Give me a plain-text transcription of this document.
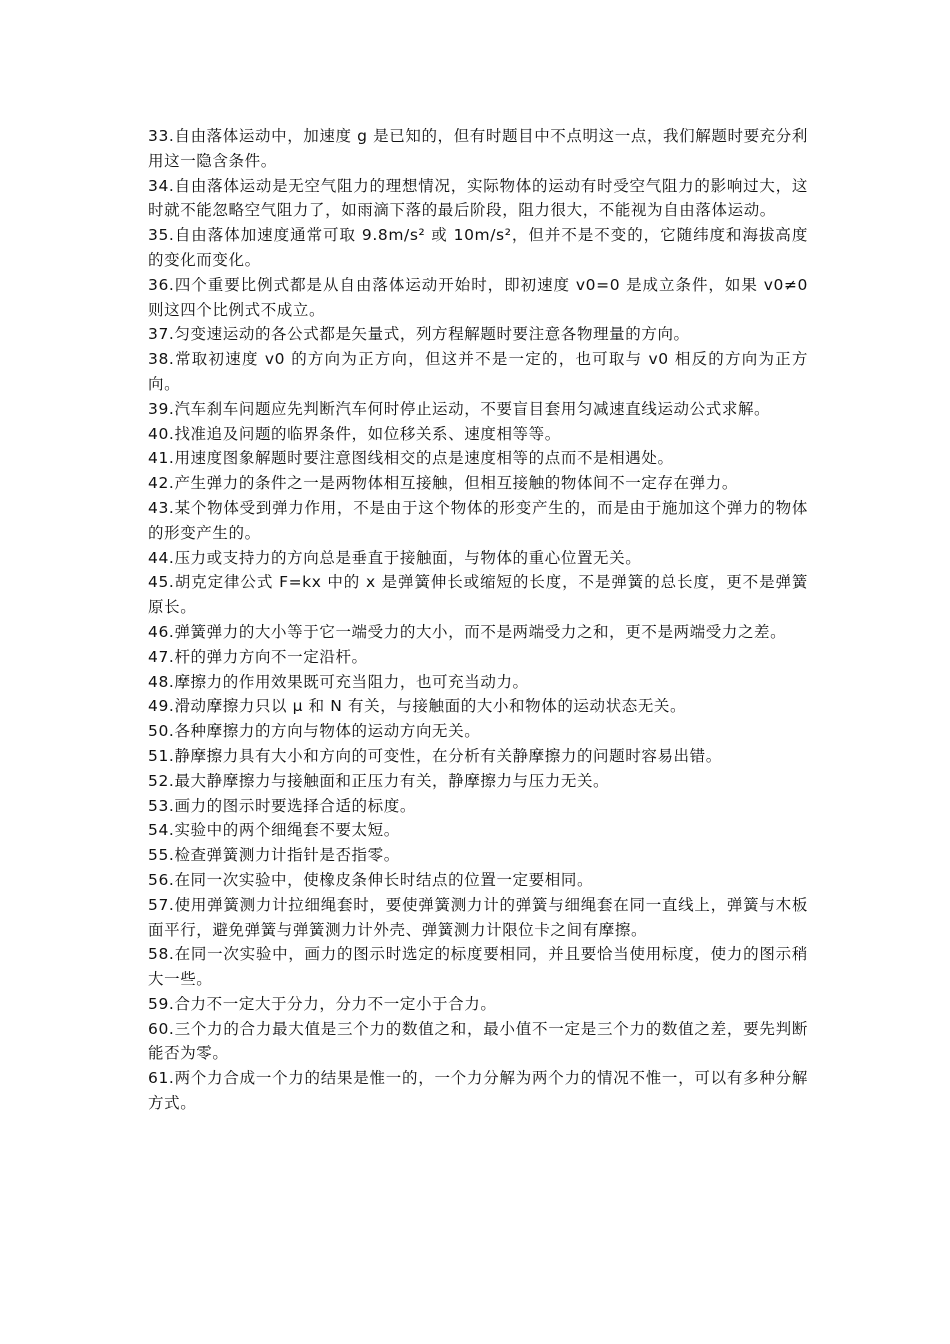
33.自由落体运动中，加速度 g 是已知的，但有时题目中不点明这一点，我们解题时要充分利用这一隐含条件。

34.自由落体运动是无空气阻力的理想情况，实际物体的运动有时受空气阻力的影响过大，这时就不能忽略空气阻力了，如雨滴下落的最后阶段，阻力很大，不能视为自由落体运动。

35.自由落体加速度通常可取 9.8m/s² 或 10m/s²，但并不是不变的，它随纬度和海拔高度的变化而变化。

36.四个重要比例式都是从自由落体运动开始时，即初速度 v0=0 是成立条件，如果 v0≠0 则这四个比例式不成立。

37.匀变速运动的各公式都是矢量式，列方程解题时要注意各物理量的方向。

38.常取初速度 v0 的方向为正方向，但这并不是一定的，也可取与 v0 相反的方向为正方向。

39.汽车刹车问题应先判断汽车何时停止运动，不要盲目套用匀减速直线运动公式求解。

40.找准追及问题的临界条件，如位移关系、速度相等等。

41.用速度图象解题时要注意图线相交的点是速度相等的点而不是相遇处。

42.产生弹力的条件之一是两物体相互接触，但相互接触的物体间不一定存在弹力。

43.某个物体受到弹力作用，不是由于这个物体的形变产生的，而是由于施加这个弹力的物体的形变产生的。

44.压力或支持力的方向总是垂直于接触面，与物体的重心位置无关。

45.胡克定律公式 F=kx 中的 x 是弹簧伸长或缩短的长度，不是弹簧的总长度，更不是弹簧原长。

46.弹簧弹力的大小等于它一端受力的大小，而不是两端受力之和，更不是两端受力之差。

47.杆的弹力方向不一定沿杆。

48.摩擦力的作用效果既可充当阻力，也可充当动力。

49.滑动摩擦力只以 μ 和 N 有关，与接触面的大小和物体的运动状态无关。

50.各种摩擦力的方向与物体的运动方向无关。

51.静摩擦力具有大小和方向的可变性，在分析有关静摩擦力的问题时容易出错。

52.最大静摩擦力与接触面和正压力有关，静摩擦力与压力无关。

53.画力的图示时要选择合适的标度。

54.实验中的两个细绳套不要太短。

55.检查弹簧测力计指针是否指零。

56.在同一次实验中，使橡皮条伸长时结点的位置一定要相同。

57.使用弹簧测力计拉细绳套时，要使弹簧测力计的弹簧与细绳套在同一直线上，弹簧与木板面平行，避免弹簧与弹簧测力计外壳、弹簧测力计限位卡之间有摩擦。

58.在同一次实验中，画力的图示时选定的标度要相同，并且要恰当使用标度，使力的图示稍大一些。

59.合力不一定大于分力，分力不一定小于合力。

60.三个力的合力最大值是三个力的数值之和，最小值不一定是三个力的数值之差，要先判断能否为零。

61.两个力合成一个力的结果是惟一的，一个力分解为两个力的情况不惟一，可以有多种分解方式。
